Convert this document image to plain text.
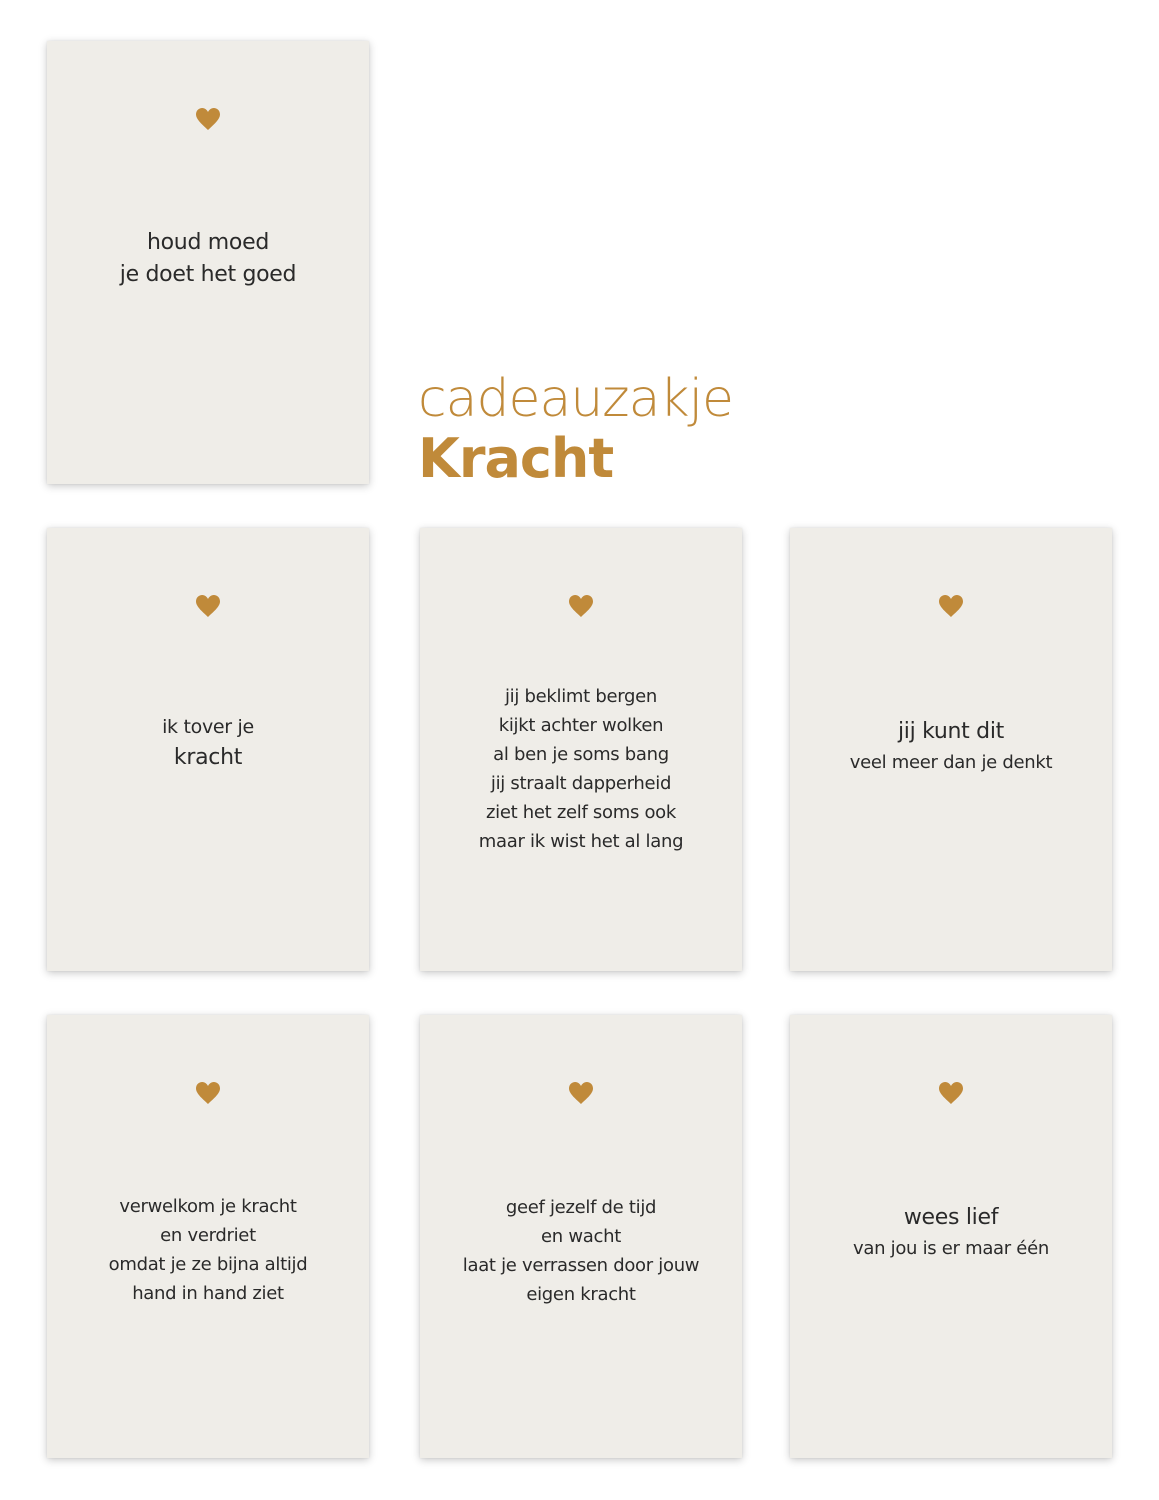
houd moed
je doet het goed
cadeauzakje
Kracht
ik tover je
kracht
jij beklimt bergen
kijkt achter wolken
al ben je soms bang
jij straalt dapperheid
ziet het zelf soms ook
maar ik wist het al lang
jij kunt dit
veel meer dan je denkt
verwelkom je kracht
en verdriet
omdat je ze bijna altijd
hand in hand ziet
geef jezelf de tijd
en wacht
laat je verrassen door jouw
eigen kracht
wees lief
van jou is er maar één
